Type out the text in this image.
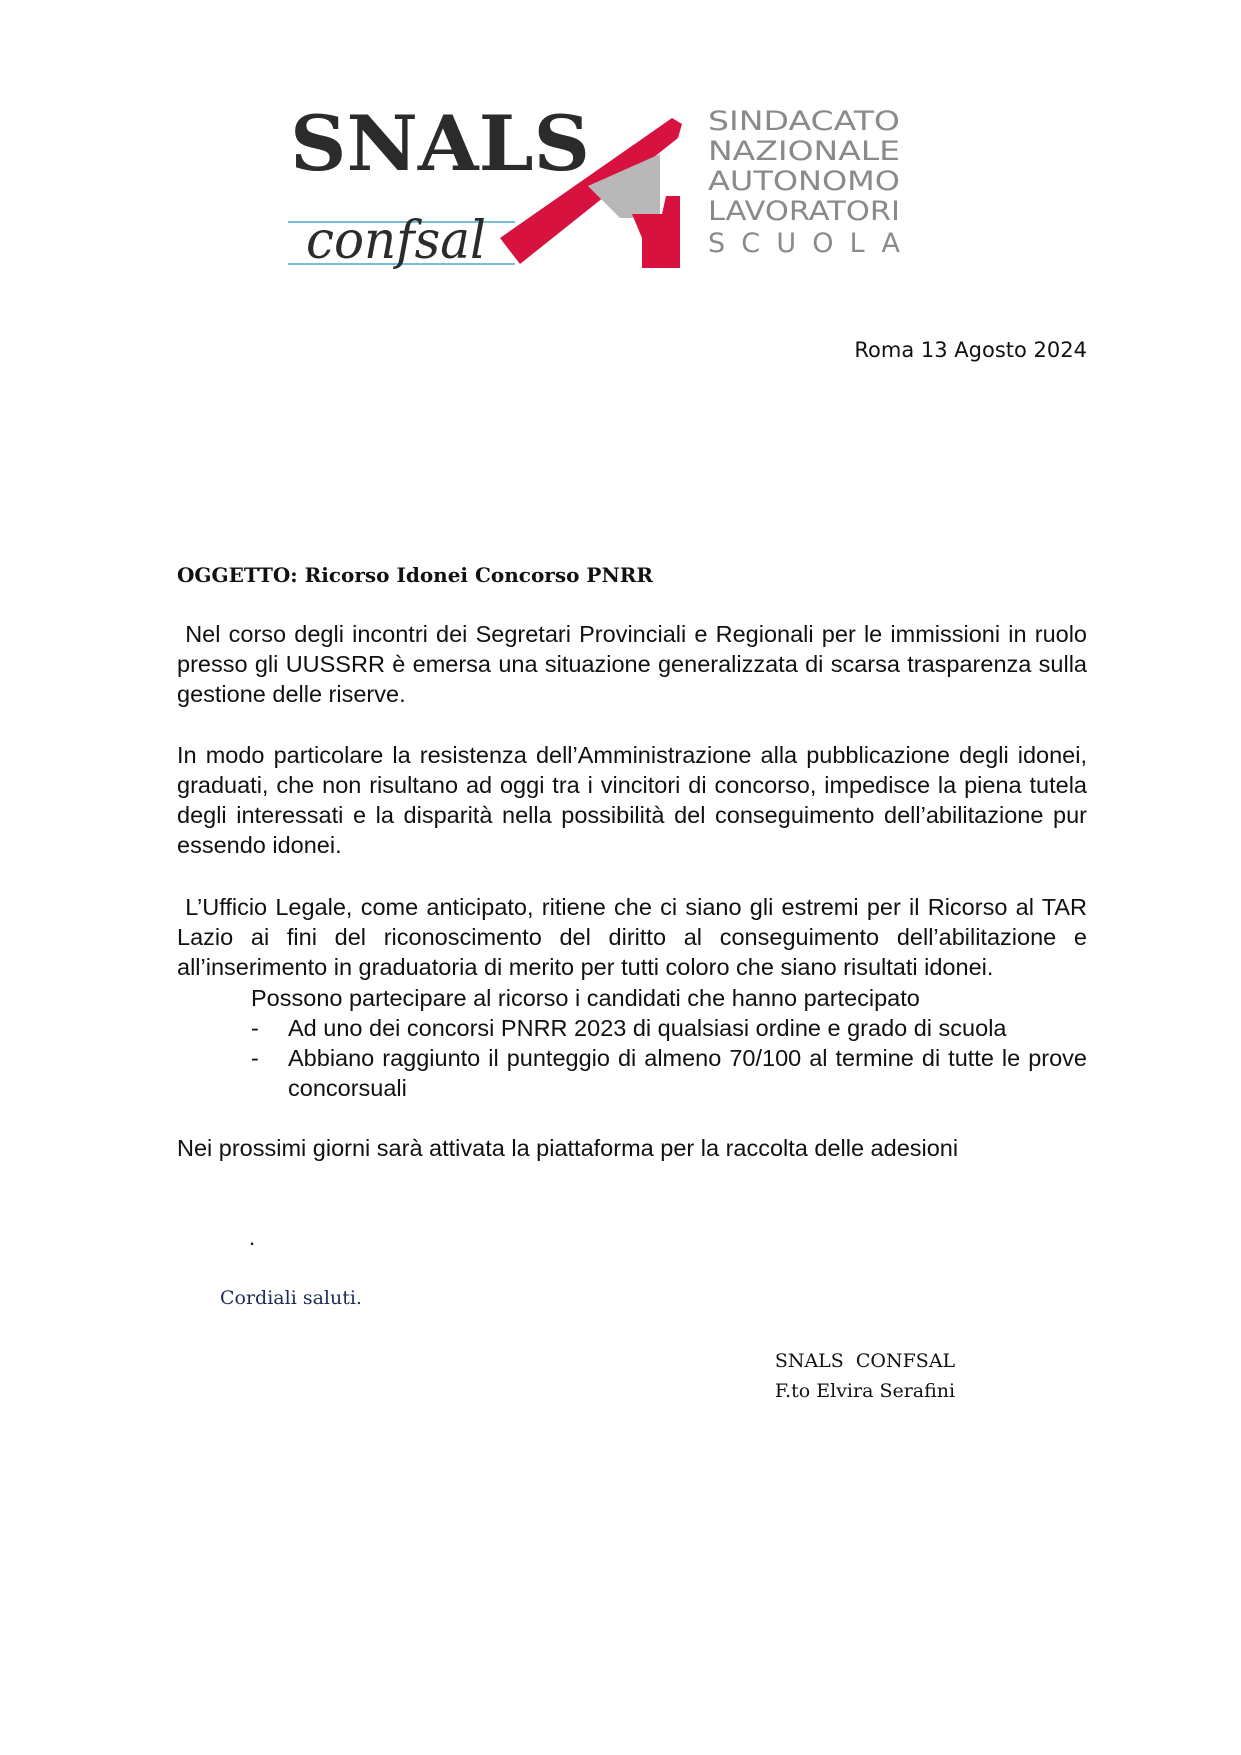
SNALS
confsal
SINDACATO
NAZIONALE
AUTONOMO
LAVORATORI
SCUOLA
Roma 13 Agosto 2024
OGGETTO: Ricorso Idonei Concorso PNRR
Nel corso degli incontri dei Segretari Provinciali e Regionali per le immissioni in ruolo presso gli UUSSRR è emersa una situazione generalizzata di scarsa trasparenza sulla gestione delle riserve.
In modo particolare la resistenza dell’Amministrazione alla pubblicazione degli idonei, graduati, che non risultano ad oggi tra i vincitori di concorso, impedisce la piena tutela degli interessati e la disparità nella possibilità del conseguimento dell’abilitazione pur essendo idonei.
L’Ufficio Legale, come anticipato, ritiene che ci siano gli estremi per il Ricorso al TAR Lazio ai fini del riconoscimento del diritto al conseguimento dell’abilitazione e all’inserimento in graduatoria di merito per tutti coloro che siano risultati idonei.
Possono partecipare al ricorso i candidati che hanno partecipato
- Ad uno dei concorsi PNRR 2023 di qualsiasi ordine e grado di scuola
- Abbiano raggiunto il punteggio di almeno 70/100 al termine di tutte le prove concorsuali
Nei prossimi giorni sarà attivata la piattaforma per la raccolta delle adesioni
.
Cordiali saluti.
SNALS  CONFSAL
F.to Elvira Serafini
